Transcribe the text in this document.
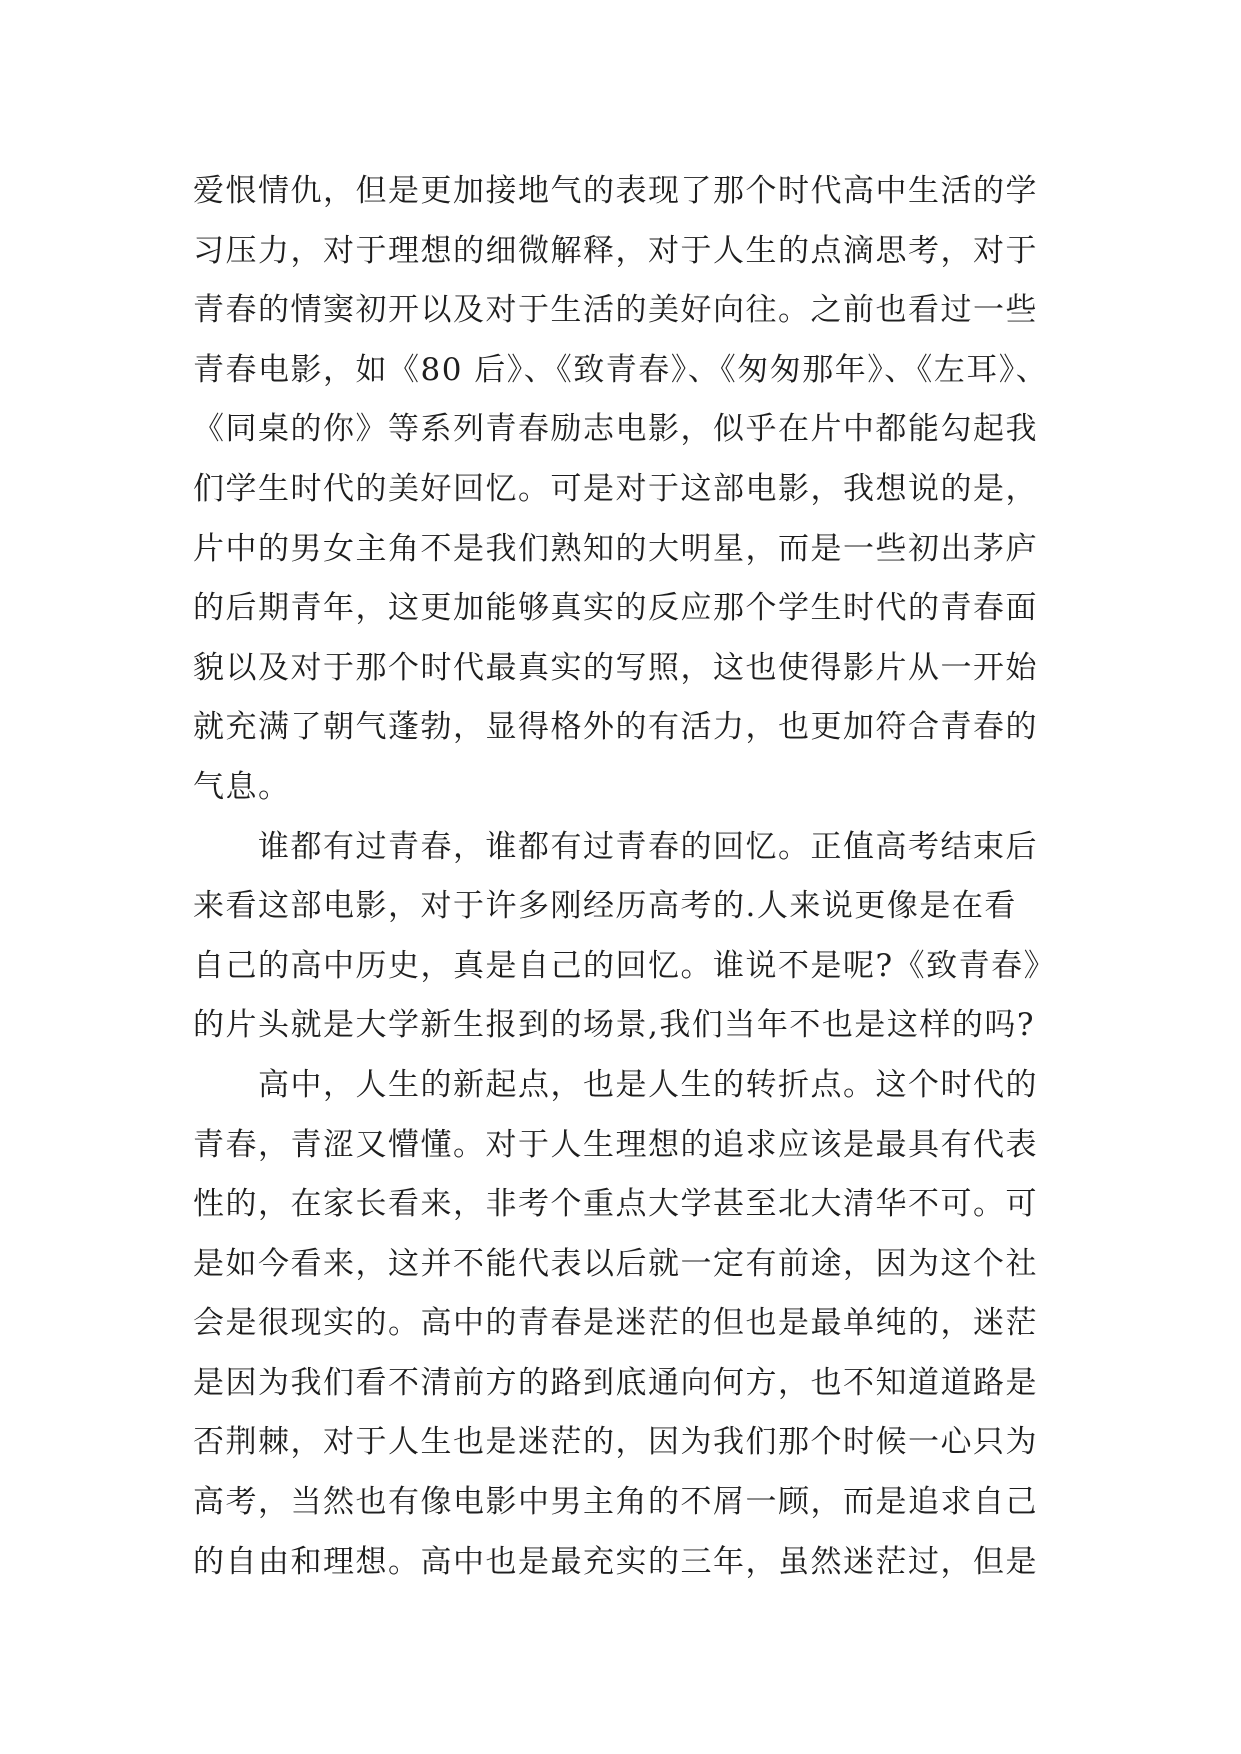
爱恨情仇，但是更加接地气的表现了那个时代高中生活的学
习压力，对于理想的细微解释，对于人生的点滴思考，对于
青春的情窦初开以及对于生活的美好向往。之前也看过一些
青春电影，如《80 后》、《致青春》、《匆匆那年》、《左耳》、
《同桌的你》等系列青春励志电影，似乎在片中都能勾起我
们学生时代的美好回忆。可是对于这部电影，我想说的是，
片中的男女主角不是我们熟知的大明星，而是一些初出茅庐
的后期青年，这更加能够真实的反应那个学生时代的青春面
貌以及对于那个时代最真实的写照，这也使得影片从一开始
就充满了朝气蓬勃，显得格外的有活力，也更加符合青春的
气息。
　　谁都有过青春，谁都有过青春的回忆。正值高考结束后
来看这部电影，对于许多刚经历高考的.人来说更像是在看
自己的高中历史，真是自己的回忆。谁说不是呢?《致青春》
的片头就是大学新生报到的场景,我们当年不也是这样的吗?
　　高中，人生的新起点，也是人生的转折点。这个时代的
青春，青涩又懵懂。对于人生理想的追求应该是最具有代表
性的，在家长看来，非考个重点大学甚至北大清华不可。可
是如今看来，这并不能代表以后就一定有前途，因为这个社
会是很现实的。高中的青春是迷茫的但也是最单纯的，迷茫
是因为我们看不清前方的路到底通向何方，也不知道道路是
否荆棘，对于人生也是迷茫的，因为我们那个时候一心只为
高考，当然也有像电影中男主角的不屑一顾，而是追求自己
的自由和理想。高中也是最充实的三年，虽然迷茫过，但是
